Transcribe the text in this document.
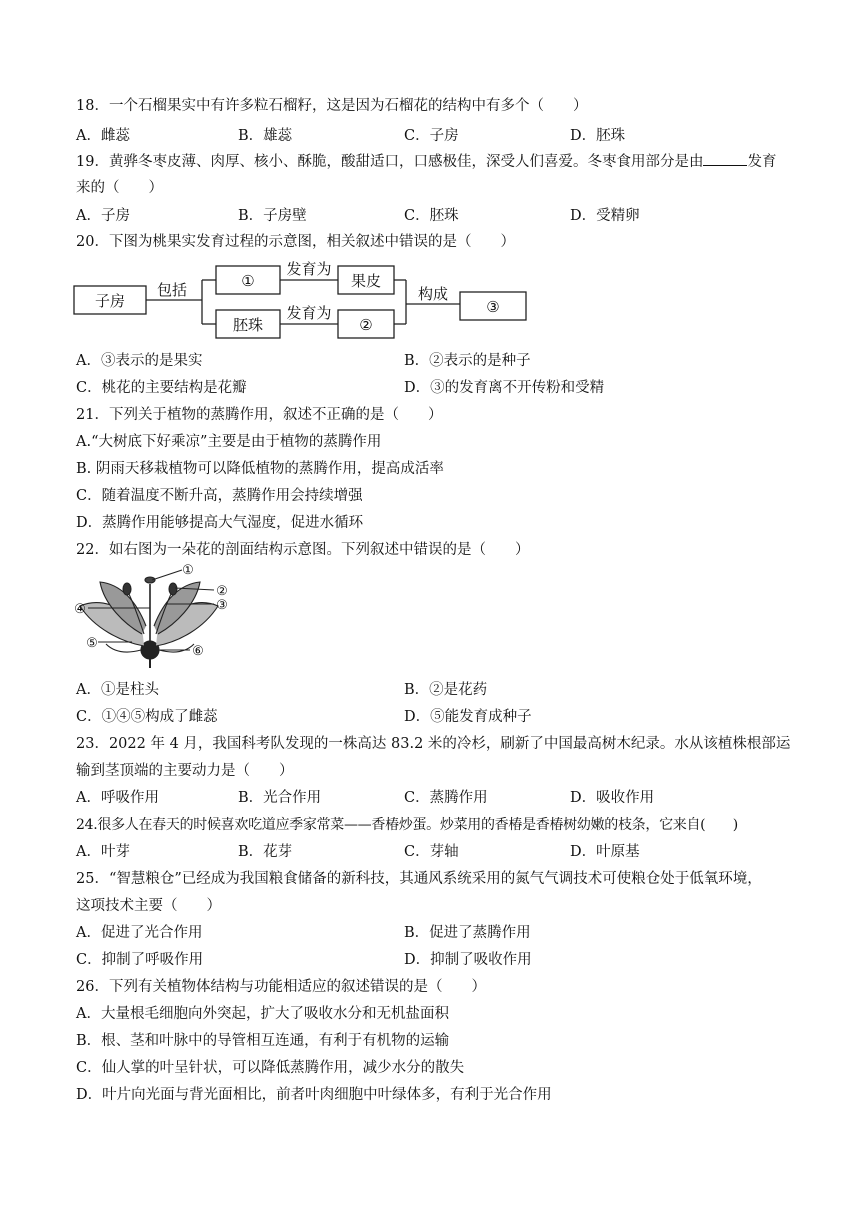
18．一个石榴果实中有许多粒石榴籽，这是因为石榴花的结构中有多个（　　）
A．雌蕊	B．雄蕊	C．子房	D．胚珠
19．黄骅冬枣皮薄、肉厚、核小、酥脆，酸甜适口，口感极佳，深受人们喜爱。冬枣食用部分是由	发育
来的（　　）
A．子房	B．子房壁	C．胚珠	D．受精卵
20．下图为桃果实发育过程的示意图，相关叙述中错误的是（　　）
子房
包括	①
发育为
果皮
胚珠
发育为
②
构成
③
A．③表示的是果实	B．②表示的是种子
C．桃花的主要结构是花瓣	D．③的发育离不开传粉和受精
21．下列关于植物的蒸腾作用，叙述不正确的是（　　）
A.“大树底下好乘凉”主要是由于植物的蒸腾作用
B. 阴雨天移栽植物可以降低植物的蒸腾作用，提高成活率
C．随着温度不断升高，蒸腾作用会持续增强
D．蒸腾作用能够提高大气湿度，促进水循环
22．如右图为一朵花的剖面结构示意图。下列叙述中错误的是（　　）
①
②
③
④
⑤
⑥
A．①是柱头	B．②是花药
C．①④⑤构成了雌蕊	D．⑤能发育成种子
23．2022 年 4 月，我国科考队发现的一株高达 83.2 米的冷杉，刷新了中国最高树木纪录。水从该植株根部运
输到茎顶端的主要动力是（　　）
A．呼吸作用	B．光合作用	C．蒸腾作用	D．吸收作用
24.很多人在春天的时候喜欢吃道应季家常菜——香椿炒蛋。炒菜用的香椿是香椿树幼嫩的枝条，它来自(　　)
A．叶芽	B．花芽	C．芽轴	D．叶原基
25．“智慧粮仓”已经成为我国粮食储备的新科技，其通风系统采用的氮气气调技术可使粮仓处于低氧环境，
这项技术主要（　　）
A．促进了光合作用	B．促进了蒸腾作用
C．抑制了呼吸作用	D．抑制了吸收作用
26．下列有关植物体结构与功能相适应的叙述错误的是（　　）
A．大量根毛细胞向外突起，扩大了吸收水分和无机盐面积
B．根、茎和叶脉中的导管相互连通，有利于有机物的运输
C．仙人掌的叶呈针状，可以降低蒸腾作用，减少水分的散失
D．叶片向光面与背光面相比，前者叶肉细胞中叶绿体多，有利于光合作用
